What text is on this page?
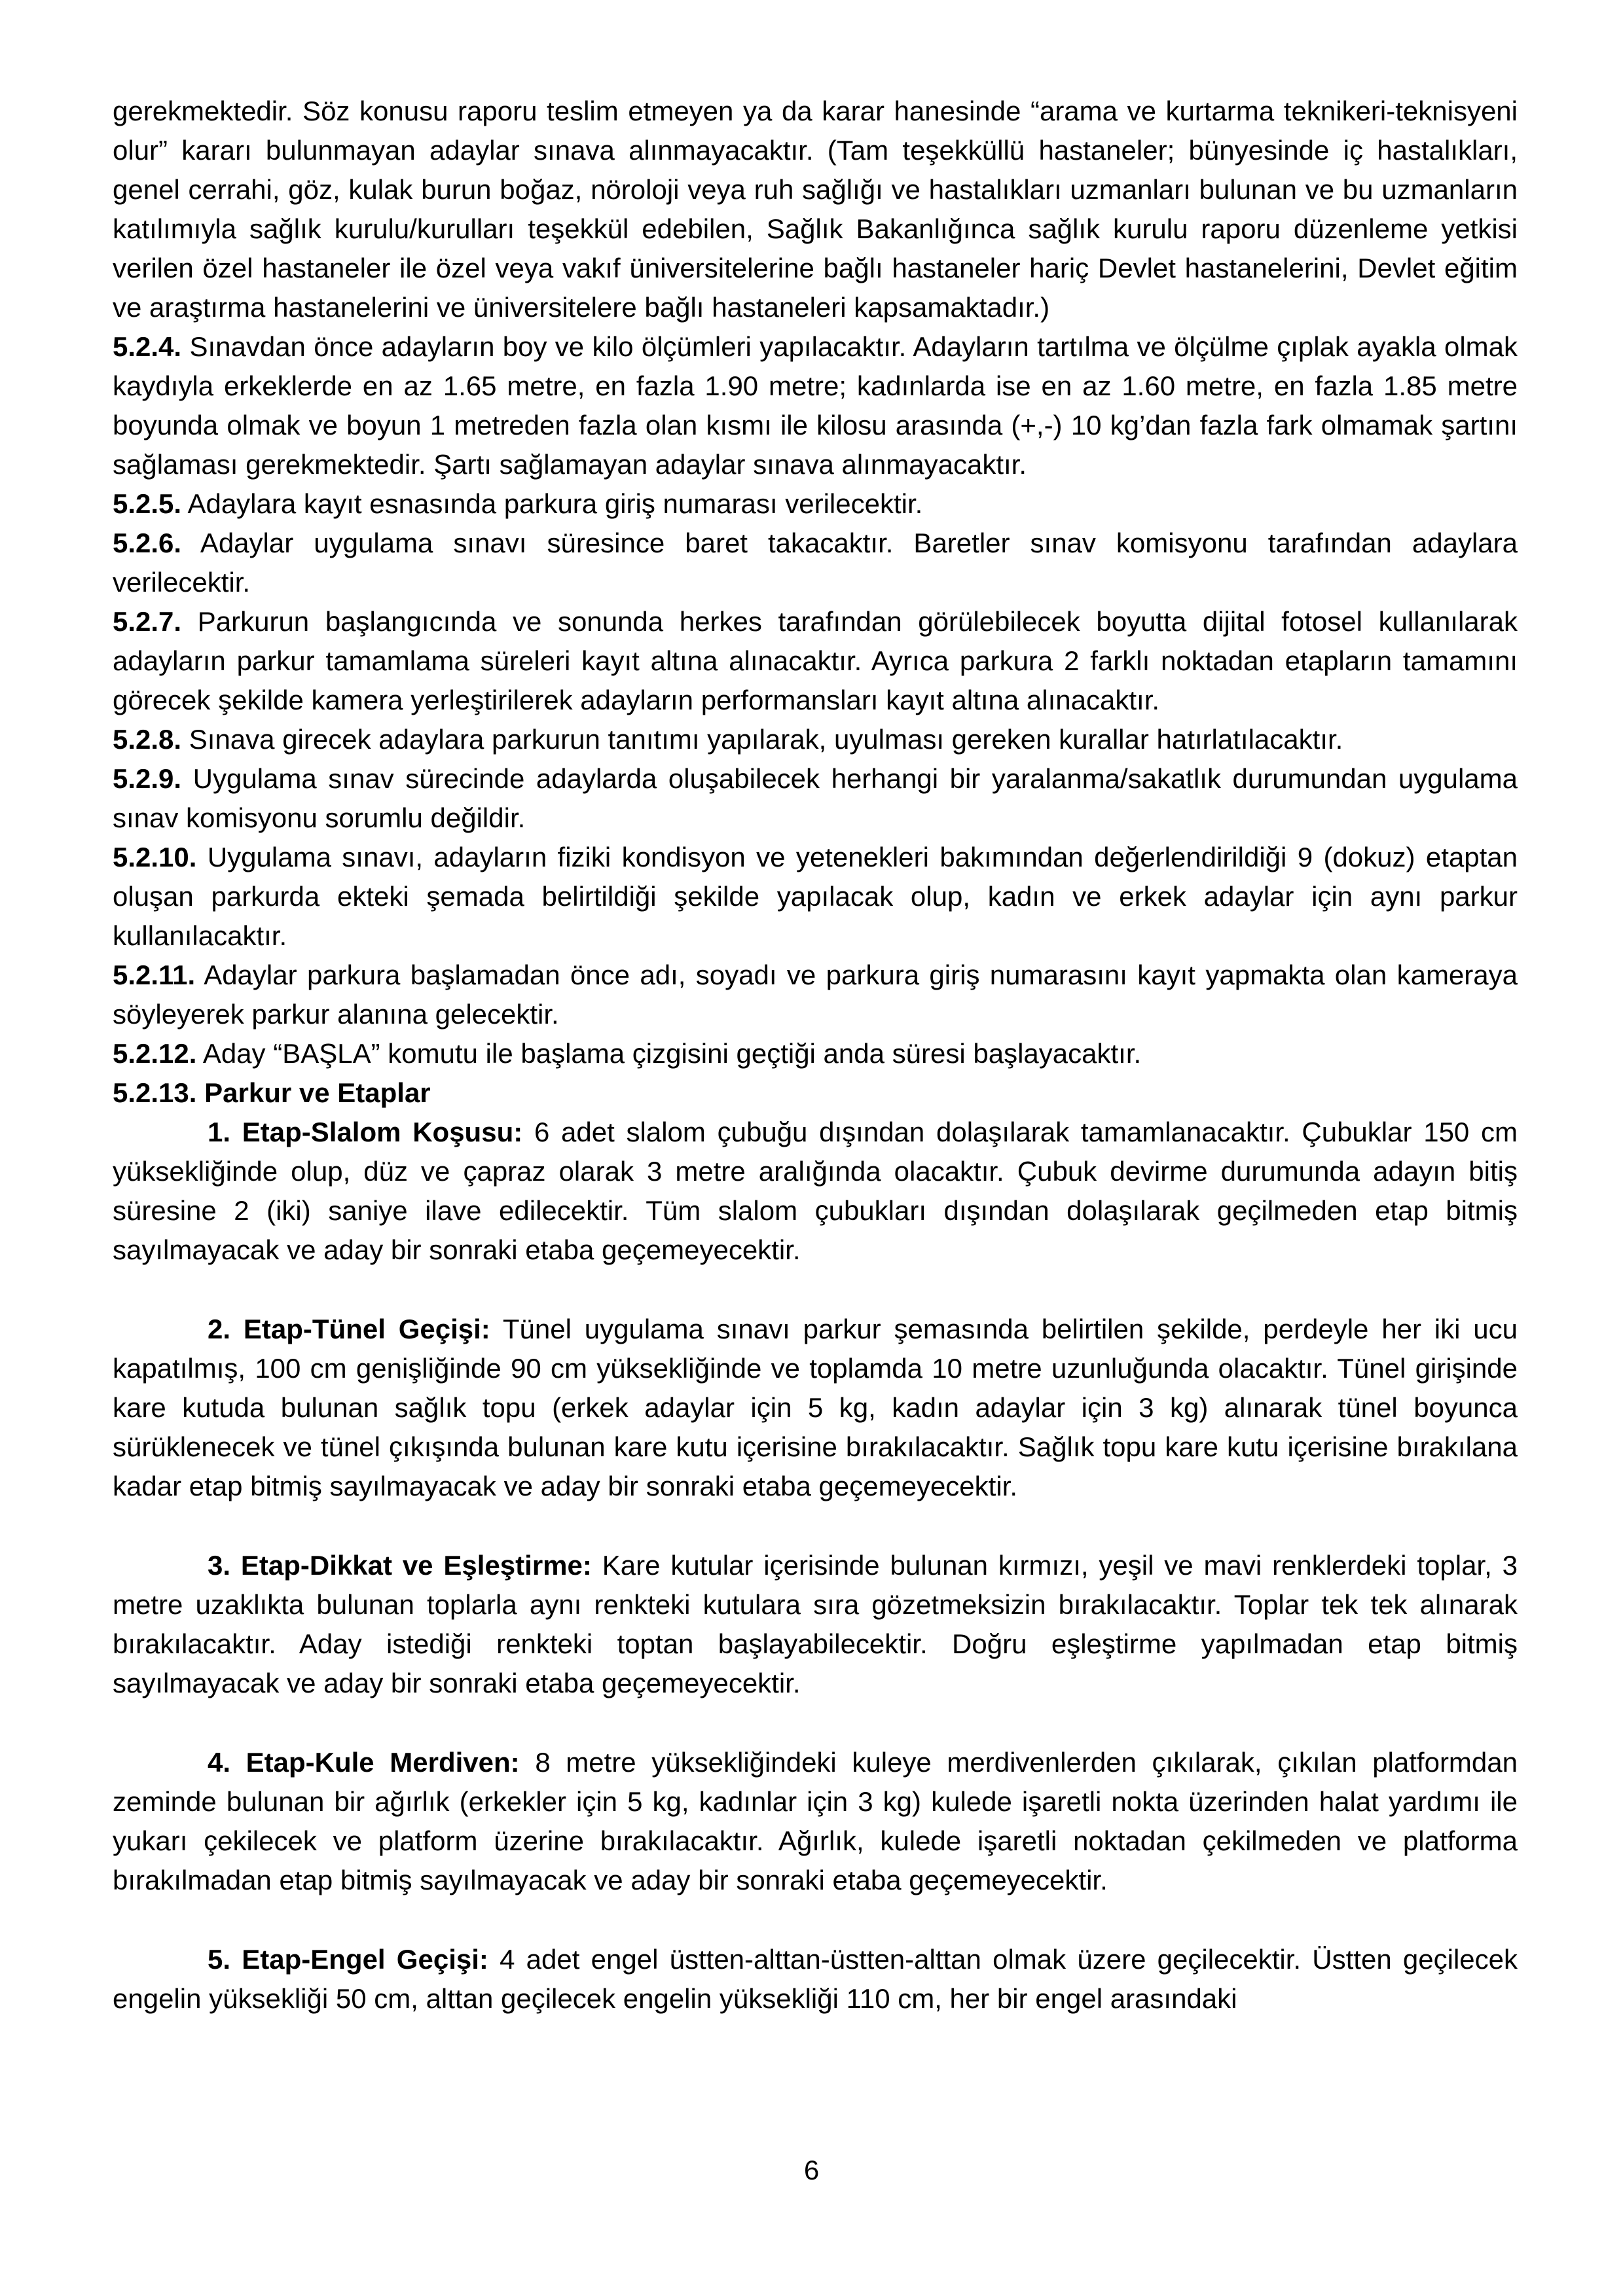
gerekmektedir. Söz konusu raporu teslim etmeyen ya da karar hanesinde “arama ve kurtarma teknikeri-teknisyeni olur” kararı bulunmayan adaylar sınava alınmayacaktır. (Tam teşekküllü hastaneler; bünyesinde iç hastalıkları, genel cerrahi, göz, kulak burun boğaz, nöroloji veya ruh sağlığı ve hastalıkları uzmanları bulunan ve bu uzmanların katılımıyla sağlık kurulu/kurulları teşekkül edebilen, Sağlık Bakanlığınca sağlık kurulu raporu düzenleme yetkisi verilen özel hastaneler ile özel veya vakıf üniversitelerine bağlı hastaneler hariç Devlet hastanelerini, Devlet eğitim ve araştırma hastanelerini ve üniversitelere bağlı hastaneleri kapsamaktadır.)

5.2.4. Sınavdan önce adayların boy ve kilo ölçümleri yapılacaktır. Adayların tartılma ve ölçülme çıplak ayakla olmak kaydıyla erkeklerde en az 1.65 metre, en fazla 1.90 metre; kadınlarda ise en az 1.60 metre, en fazla 1.85 metre boyunda olmak ve boyun 1 metreden fazla olan kısmı ile kilosu arasında (+,-) 10 kg’dan fazla fark olmamak şartını sağlaması gerekmektedir. Şartı sağlamayan adaylar sınava alınmayacaktır.

5.2.5. Adaylara kayıt esnasında parkura giriş numarası verilecektir.

5.2.6. Adaylar uygulama sınavı süresince baret takacaktır. Baretler sınav komisyonu tarafından adaylara verilecektir.

5.2.7. Parkurun başlangıcında ve sonunda herkes tarafından görülebilecek boyutta dijital fotosel kullanılarak adayların parkur tamamlama süreleri kayıt altına alınacaktır. Ayrıca parkura 2 farklı noktadan etapların tamamını görecek şekilde kamera yerleştirilerek adayların performansları kayıt altına alınacaktır.

5.2.8. Sınava girecek adaylara parkurun tanıtımı yapılarak, uyulması gereken kurallar hatırlatılacaktır.

5.2.9. Uygulama sınav sürecinde adaylarda oluşabilecek herhangi bir yaralanma/sakatlık durumundan uygulama sınav komisyonu sorumlu değildir.

5.2.10. Uygulama sınavı, adayların fiziki kondisyon ve yetenekleri bakımından değerlendirildiği 9 (dokuz) etaptan oluşan parkurda ekteki şemada belirtildiği şekilde yapılacak olup, kadın ve erkek adaylar için aynı parkur kullanılacaktır.

5.2.11. Adaylar parkura başlamadan önce adı, soyadı ve parkura giriş numarasını kayıt yapmakta olan kameraya söyleyerek parkur alanına gelecektir.

5.2.12. Aday “BAŞLA” komutu ile başlama çizgisini geçtiği anda süresi başlayacaktır.

5.2.13. Parkur ve Etaplar

1. Etap-Slalom Koşusu: 6 adet slalom çubuğu dışından dolaşılarak tamamlanacaktır. Çubuklar 150 cm yüksekliğinde olup, düz ve çapraz olarak 3 metre aralığında olacaktır. Çubuk devirme durumunda adayın bitiş süresine 2 (iki) saniye ilave edilecektir. Tüm slalom çubukları dışından dolaşılarak geçilmeden etap bitmiş sayılmayacak ve aday bir sonraki etaba geçemeyecektir.

2. Etap-Tünel Geçişi: Tünel uygulama sınavı parkur şemasında belirtilen şekilde, perdeyle her iki ucu kapatılmış, 100 cm genişliğinde 90 cm yüksekliğinde ve toplamda 10 metre uzunluğunda olacaktır. Tünel girişinde kare kutuda bulunan sağlık topu (erkek adaylar için 5 kg, kadın adaylar için 3 kg) alınarak tünel boyunca sürüklenecek ve tünel çıkışında bulunan kare kutu içerisine bırakılacaktır. Sağlık topu kare kutu içerisine bırakılana kadar etap bitmiş sayılmayacak ve aday bir sonraki etaba geçemeyecektir.

3. Etap-Dikkat ve Eşleştirme: Kare kutular içerisinde bulunan kırmızı, yeşil ve mavi renklerdeki toplar, 3 metre uzaklıkta bulunan toplarla aynı renkteki kutulara sıra gözetmeksizin bırakılacaktır. Toplar tek tek alınarak bırakılacaktır. Aday istediği renkteki toptan başlayabilecektir. Doğru eşleştirme yapılmadan etap bitmiş sayılmayacak ve aday bir sonraki etaba geçemeyecektir.

4. Etap-Kule Merdiven: 8 metre yüksekliğindeki kuleye merdivenlerden çıkılarak, çıkılan platformdan zeminde bulunan bir ağırlık (erkekler için 5 kg, kadınlar için 3 kg) kulede işaretli nokta üzerinden halat yardımı ile yukarı çekilecek ve platform üzerine bırakılacaktır. Ağırlık, kulede işaretli noktadan çekilmeden ve platforma bırakılmadan etap bitmiş sayılmayacak ve aday bir sonraki etaba geçemeyecektir.

5. Etap-Engel Geçişi: 4 adet engel üstten-alttan-üstten-alttan olmak üzere geçilecektir. Üstten geçilecek engelin yüksekliği 50 cm, alttan geçilecek engelin yüksekliği 110 cm, her bir engel arasındaki

6
